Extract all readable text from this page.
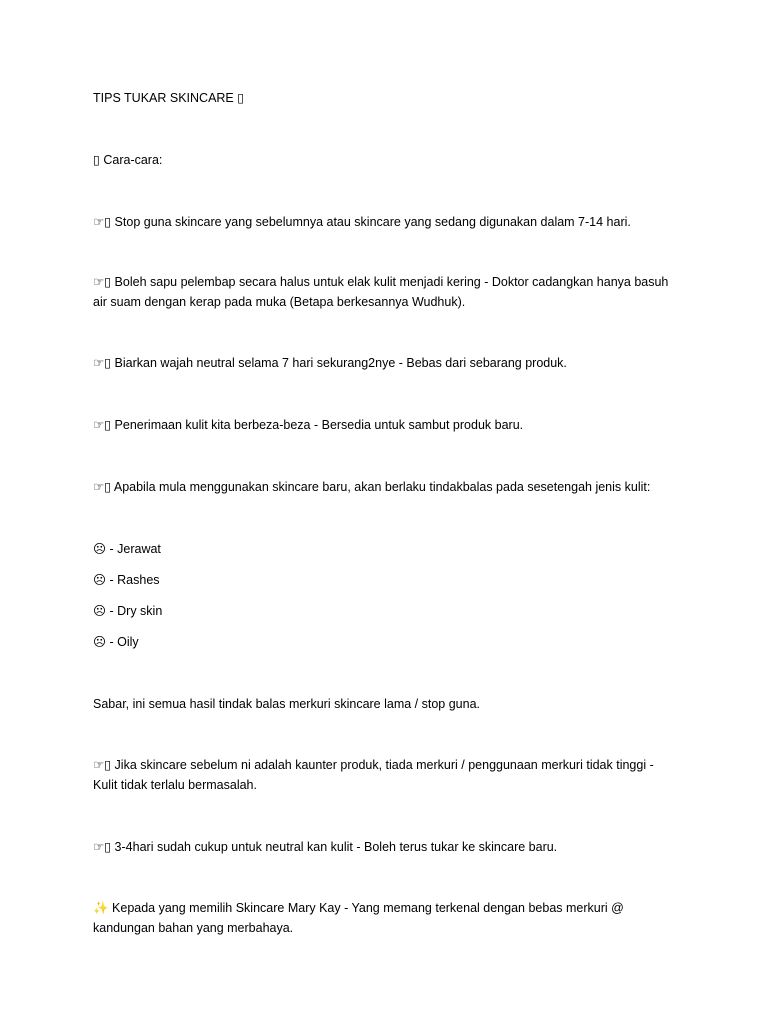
TIPS TUKAR SKINCARE ▯
▯ Cara-cara:
☞▯ Stop guna skincare yang sebelumnya atau skincare yang sedang digunakan dalam 7-14 hari.
☞▯ Boleh sapu pelembap secara halus untuk elak kulit menjadi kering - Doktor cadangkan hanya basuh air suam dengan kerap pada muka (Betapa berkesannya Wudhuk).
☞▯ Biarkan wajah neutral selama 7 hari sekurang2nye - Bebas dari sebarang produk.
☞▯ Penerimaan kulit kita berbeza-beza - Bersedia untuk sambut produk baru.
☞▯ Apabila mula menggunakan skincare baru, akan berlaku tindakbalas pada sesetengah jenis kulit:
☹ - Jerawat
☹ - Rashes
☹ - Dry skin
☹ - Oily
Sabar, ini semua hasil tindak balas merkuri skincare lama / stop guna.
☞▯ Jika skincare sebelum ni adalah kaunter produk, tiada merkuri / penggunaan merkuri tidak tinggi - Kulit tidak terlalu bermasalah.
☞▯ 3-4hari sudah cukup untuk neutral kan kulit - Boleh terus tukar ke skincare baru.
✨ Kepada yang memilih Skincare Mary Kay - Yang memang terkenal dengan bebas merkuri @ kandungan bahan yang merbahaya.
